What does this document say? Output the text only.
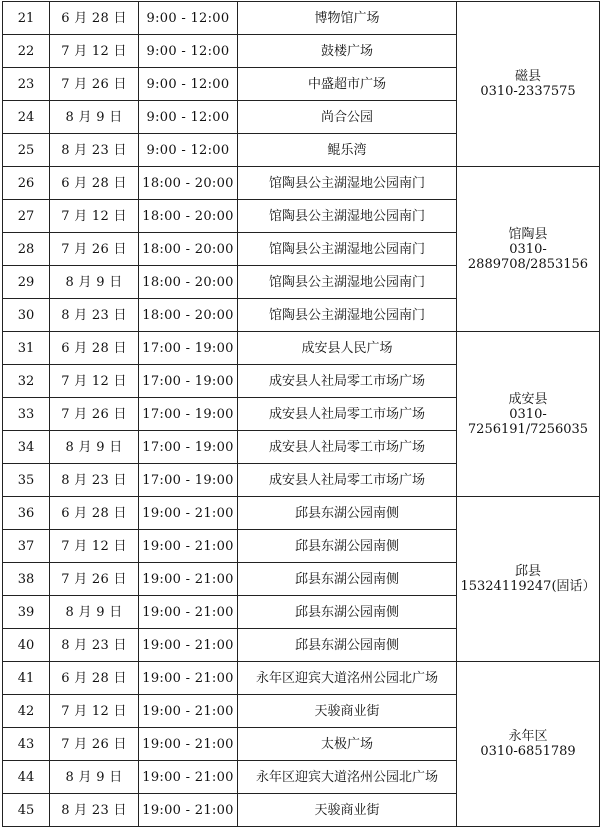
21	6 月 28 日	9:00 - 12:00	博物馆广场	磁县
0310-2337575

22	7 月 12 日	9:00 - 12:00	鼓楼广场	
23	7 月 26 日	9:00 - 12:00	中盛超市广场	
24	8 月 9 日	9:00 - 12:00	尚合公园	
25	8 月 23 日	9:00 - 12:00	鲲乐湾	
26	6 月 28 日	18:00 - 20:00	馆陶县公主湖湿地公园南门	馆陶县
0310-2889708/2853156

27	7 月 12 日	18:00 - 20:00	馆陶县公主湖湿地公园南门	
28	7 月 26 日	18:00 - 20:00	馆陶县公主湖湿地公园南门	
29	8 月 9 日	18:00 - 20:00	馆陶县公主湖湿地公园南门	
30	8 月 23 日	18:00 - 20:00	馆陶县公主湖湿地公园南门	
31	6 月 28 日	17:00 - 19:00	成安县人民广场	成安县
0310-7256191/7256035

32	7 月 12 日	17:00 - 19:00	成安县人社局零工市场广场	
33	7 月 26 日	17:00 - 19:00	成安县人社局零工市场广场	
34	8 月 9 日	17:00 - 19:00	成安县人社局零工市场广场	
35	8 月 23 日	17:00 - 19:00	成安县人社局零工市场广场	
36	6 月 28 日	19:00 - 21:00	邱县东湖公园南侧	邱县
15324119247(固话）

37	7 月 12 日	19:00 - 21:00	邱县东湖公园南侧	
38	7 月 26 日	19:00 - 21:00	邱县东湖公园南侧	
39	8 月 9 日	19:00 - 21:00	邱县东湖公园南侧	
40	8 月 23 日	19:00 - 21:00	邱县东湖公园南侧	
41	6 月 28 日	19:00 - 21:00	永年区迎宾大道洺州公园北广场	永年区
0310-6851789

42	7 月 12 日	19:00 - 21:00	天骏商业街	
43	7 月 26 日	19:00 - 21:00	太极广场	
44	8 月 9 日	19:00 - 21:00	永年区迎宾大道洺州公园北广场	
45	8 月 23 日	19:00 - 21:00	天骏商业街	
